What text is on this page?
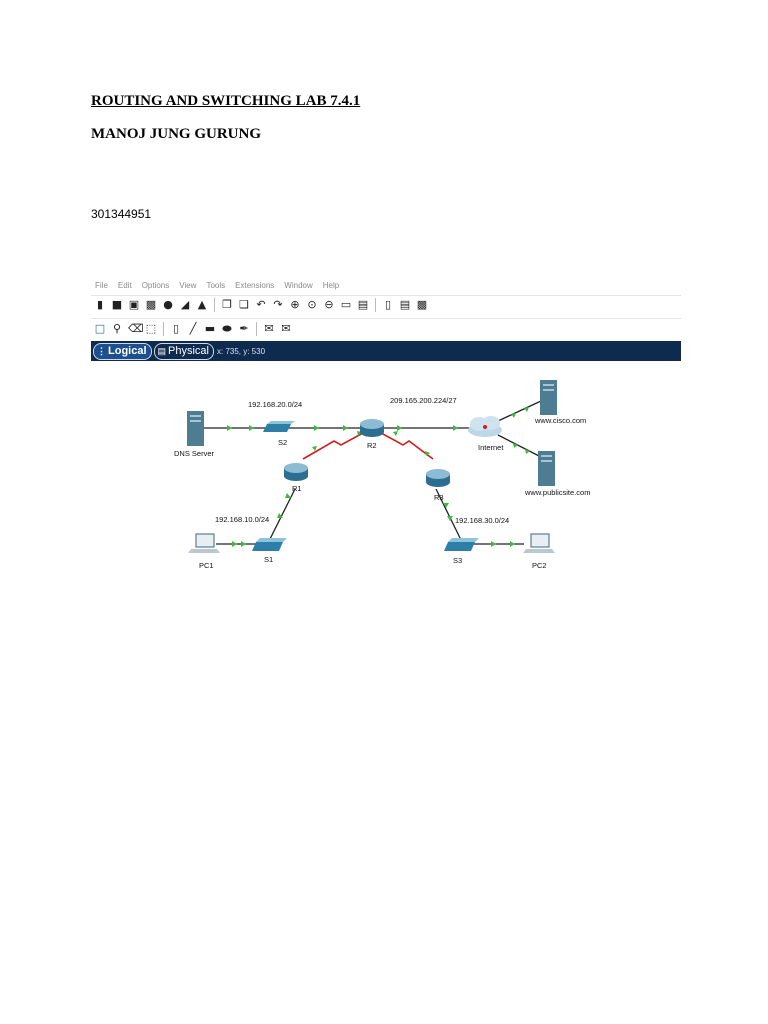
ROUTING AND SWITCHING LAB 7.4.1

MANOJ JUNG GURUNG
301344951
File Edit Options View Tools Extensions Window Help
▮ ■ ▣ ▩ ● ◢ ▲ ❐ ❏ ↶ ↷ ⊕ ⊙ ⊖ ▭ ▤ ▯ ▤ ▩
□ ⚲ ⌫ ⬚ ▯ ╱ ▬ ⬬ ✒ ✉ ✉
⋮ Logical ▤ Physical x: 735, y: 530
192.168.20.0/24	209.165.200.224/27
192.168.10.0/24	192.168.30.0/24
DNS Server
S2	R2	Internet
www.cisco.com
www.publicsite.com
R1
R3
S1	S3
PC1	PC2
